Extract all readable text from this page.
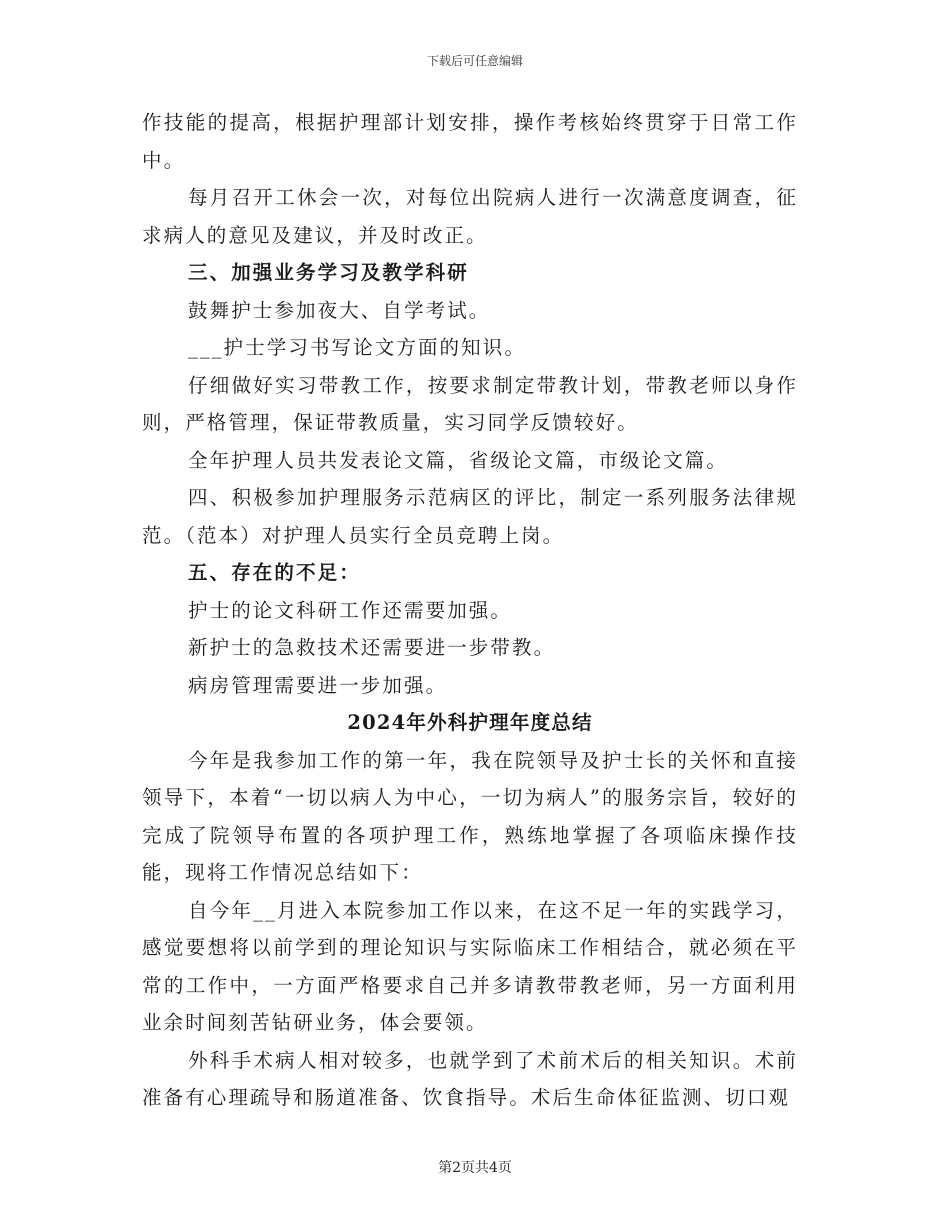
下载后可任意编辑

作技能的提高，根据护理部计划安排，操作考核始终贯穿于日常工作中。

每月召开工休会一次，对每位出院病人进行一次满意度调查，征求病人的意见及建议，并及时改正。

三、加强业务学习及教学科研

鼓舞护士参加夜大、自学考试。

___护士学习书写论文方面的知识。

仔细做好实习带教工作，按要求制定带教计划，带教老师以身作则，严格管理，保证带教质量，实习同学反馈较好。

全年护理人员共发表论文篇，省级论文篇，市级论文篇。

四、积极参加护理服务示范病区的评比，制定一系列服务法律规范。（范本）对护理人员实行全员竞聘上岗。

五、存在的不足：

护士的论文科研工作还需要加强。

新护士的急救技术还需要进一步带教。

病房管理需要进一步加强。

2024年外科护理年度总结

今年是我参加工作的第一年，我在院领导及护士长的关怀和直接领导下，本着“一切以病人为中心，一切为病人”的服务宗旨，较好的完成了院领导布置的各项护理工作，熟练地掌握了各项临床操作技能，现将工作情况总结如下：

自今年__月进入本院参加工作以来，在这不足一年的实践学习，感觉要想将以前学到的理论知识与实际临床工作相结合，就必须在平常的工作中，一方面严格要求自己并多请教带教老师，另一方面利用业余时间刻苦钻研业务，体会要领。

外科手术病人相对较多，也就学到了术前术后的相关知识。术前准备有心理疏导和肠道准备、饮食指导。术后生命体征监测、切口观

第2页共4页
